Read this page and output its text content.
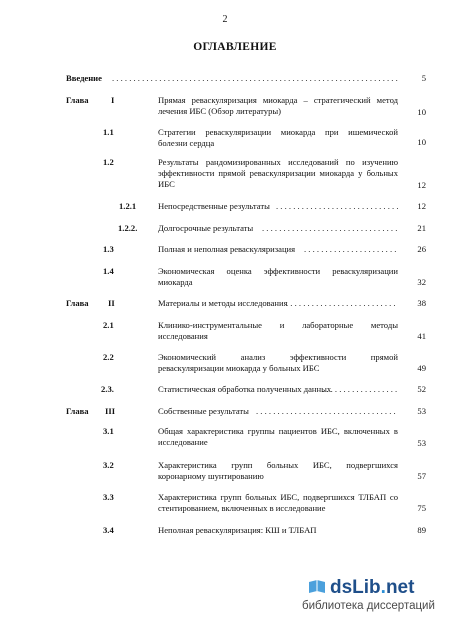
2
ОГЛАВЛЕНИЕ
Введение . . .	5
Глава	I	Прямая реваскуляризация миокарда – стратегический метод лечения ИБС (Обзор литературы)	10
1.1	Стратегии реваскуляризации миокарда при ишемической болезни сердца	10
1.2	Результаты рандомизированных исследований по изучению эффективности прямой реваскуляризации миокарда у больных ИБС	12
1.2.1	Непосредственные результаты . . .	12
1.2.2. Долгосрочные результаты . . .	21
1.3	Полная и неполная реваскуляризация . . .	26
1.4	Экономическая оценка эффективности реваскуляризации миокарда	32
Глава II	Материалы и методы исследования . . .	38
2.1	Клинико-инструментальные и лабораторные методы исследования	41
2.2	Экономический анализ эффективности прямой реваскуляризации миокарда у больных ИБС	49
2.3.	Статистическая обработка полученных данных . . .	52
Глава III	Собственные результаты . . .	53
3.1	Общая характеристика группы пациентов ИБС, включенных в исследование	53
3.2	Характеристика групп больных ИБС, подвергшихся коронарному шунтированию	57
3.3	Характеристика групп больных ИБС, подвергшихся ТЛБАП со стентированием, включенных в исследование	75
3.4	Неполная реваскуляризация: КШ и ТЛБАП	89
dsLib.net
библиотека диссертаций
